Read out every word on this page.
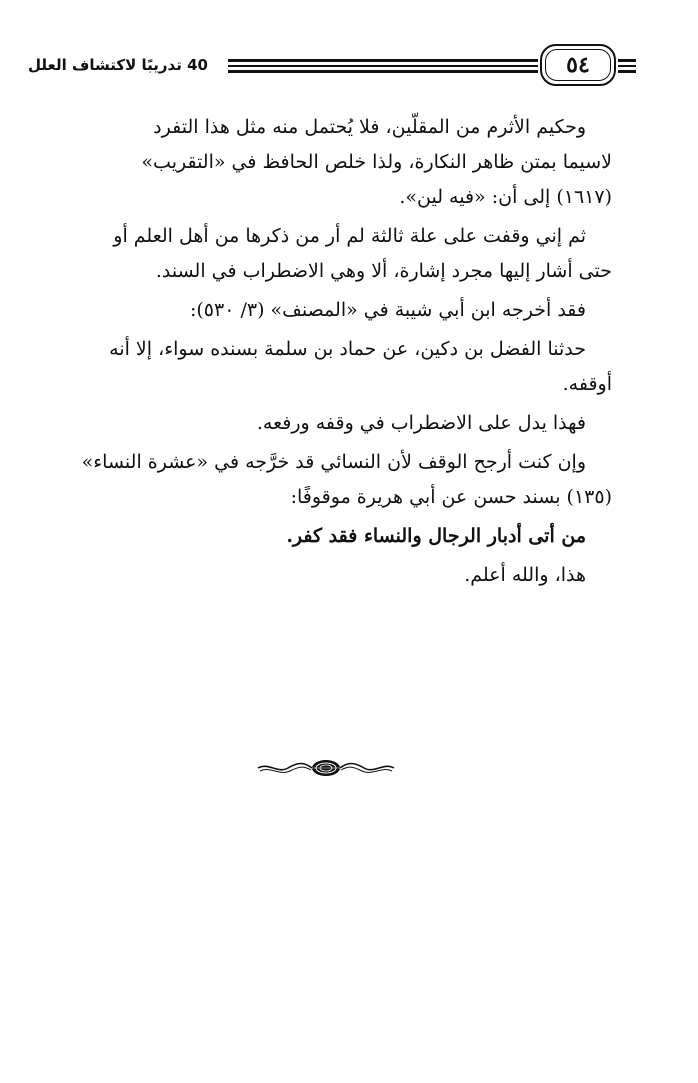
40 تدريبًا لاكتشاف العلل	٥٤

وحكيم الأثرم من المقلّين، فلا يُحتمل منه مثل هذا التفرد
لاسيما بمتن ظاهر النكارة، ولذا خلص الحافظ في «التقريب»
(١٦١٧) إلى أن: «فيه لين».

ثم إني وقفت على علة ثالثة لم أر من ذكرها من أهل العلم أو
حتى أشار إليها مجرد إشارة، ألا وهي الاضطراب في السند.

فقد أخرجه ابن أبي شيبة في «المصنف» (٣/ ٥٣٠):

حدثنا الفضل بن دكين، عن حماد بن سلمة بسنده سواء، إلا أنه
أوقفه.

فهذا يدل على الاضطراب في وقفه ورفعه.

وإن كنت أرجح الوقف لأن النسائي قد خرَّجه في «عشرة النساء»
(١٣٥) بسند حسن عن أبي هريرة موقوفًا:

من أتى أدبار الرجال والنساء فقد كفر.

هذا، والله أعلم.
